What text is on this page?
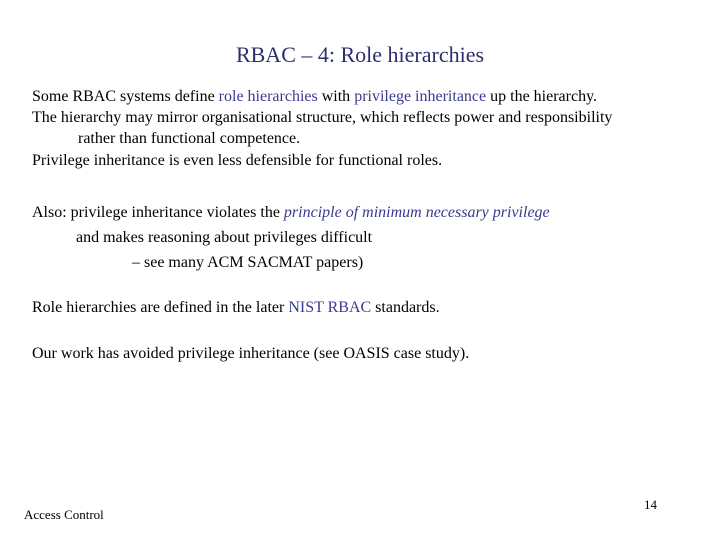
RBAC – 4: Role hierarchies
Some RBAC systems define role hierarchies with privilege inheritance up the hierarchy.
The hierarchy may mirror organisational structure, which reflects power and responsibility
rather than functional competence.
Privilege inheritance is even less defensible for functional roles.
Also: privilege inheritance violates the principle of minimum necessary privilege
and makes reasoning about privileges difficult
– see many ACM SACMAT papers)
Role hierarchies are defined in the later NIST RBAC standards.
Our work has avoided privilege inheritance (see OASIS case study).
Access Control
14
